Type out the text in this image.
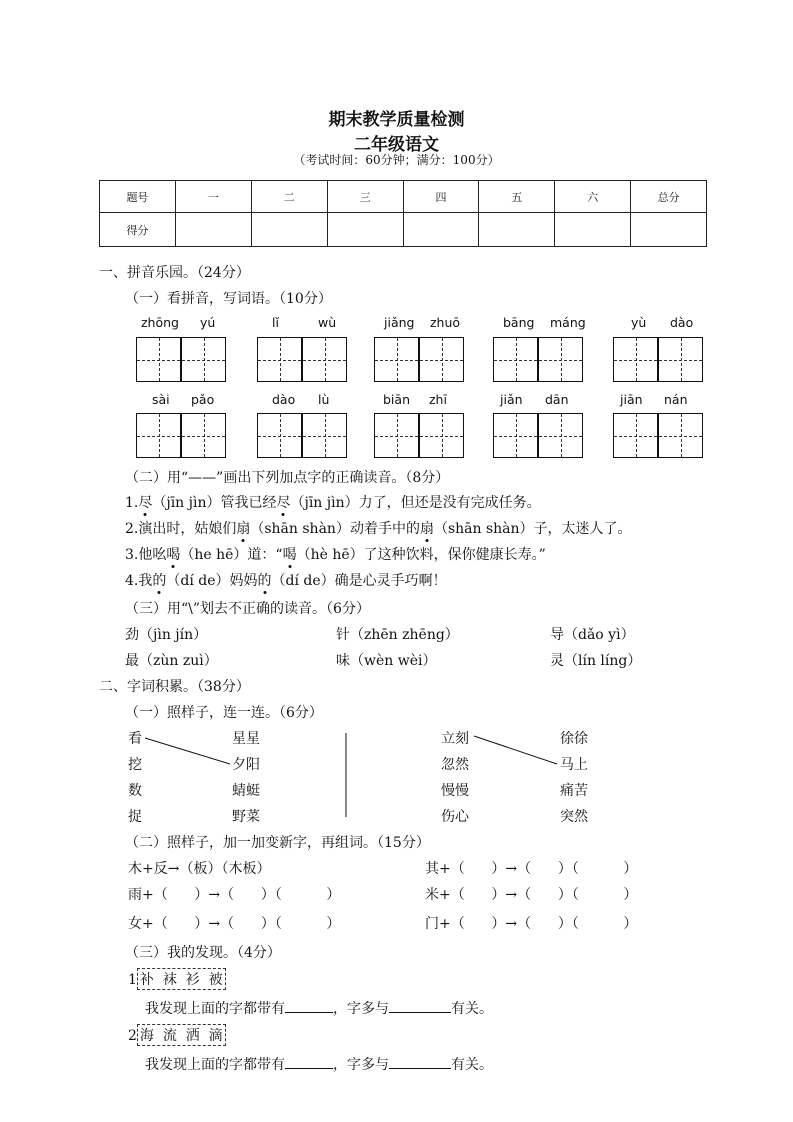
期末教学质量检测
二年级语文
（考试时间：60分钟；满分：100分）
题号	一	二	三	四	五	六	总分
得分							
一、拼音乐园。（24分）
（一）看拼音，写词语。（10分）
zhōng yú	lǐ	wù	jiǎng zhuō	bāng máng	yù dào
sài pǎo	dào lù	biān zhī	jiǎn dān	jiān nán
（二）用“——”画出下列加点字的正确读音。（8分）
1.尽（jīn jìn）管我已经尽（jīn jìn）力了，但还是没有完成任务。
2.演出时，姑娘们扇（shān shàn）动着手中的扇（shān shàn）子，太迷人了。
3.他吆喝（he hē）道：“喝（hè hē）了这种饮料，保你健康长寿。”
4.我的（dí de）妈妈的（dí de）确是心灵手巧啊！
（三）用“\”划去不正确的读音。（6分）
劲（jìn jín）	针（zhēn zhēng）	导（dǎo yì）
最（zùn zuì）	味（wèn wèi）	灵（lín líng）
二、字词积累。（38分）
（一）照样子，连一连。（6分）
看
挖
数
捉
星星
夕阳
蜻蜓
野菜
立刻
忽然
慢慢
伤心
徐徐
马上
痛苦
突然
（二）照样子，加一加变新字，再组词。（15分）
木+反→（板）（木板）
雨+（      ）→（      ）（          ）
女+（      ）→（      ）（          ）
其+（      ）→（      ）（          ）
米+（      ）→（      ）（          ）
门+（      ）→（      ）（          ）
（三）我的发现。（4分）
1 补  袜  衫  被
我发现上面的字都带有	，字多与	有关。
2 海  流  洒  滴
我发现上面的字都带有	，字多与	有关。
